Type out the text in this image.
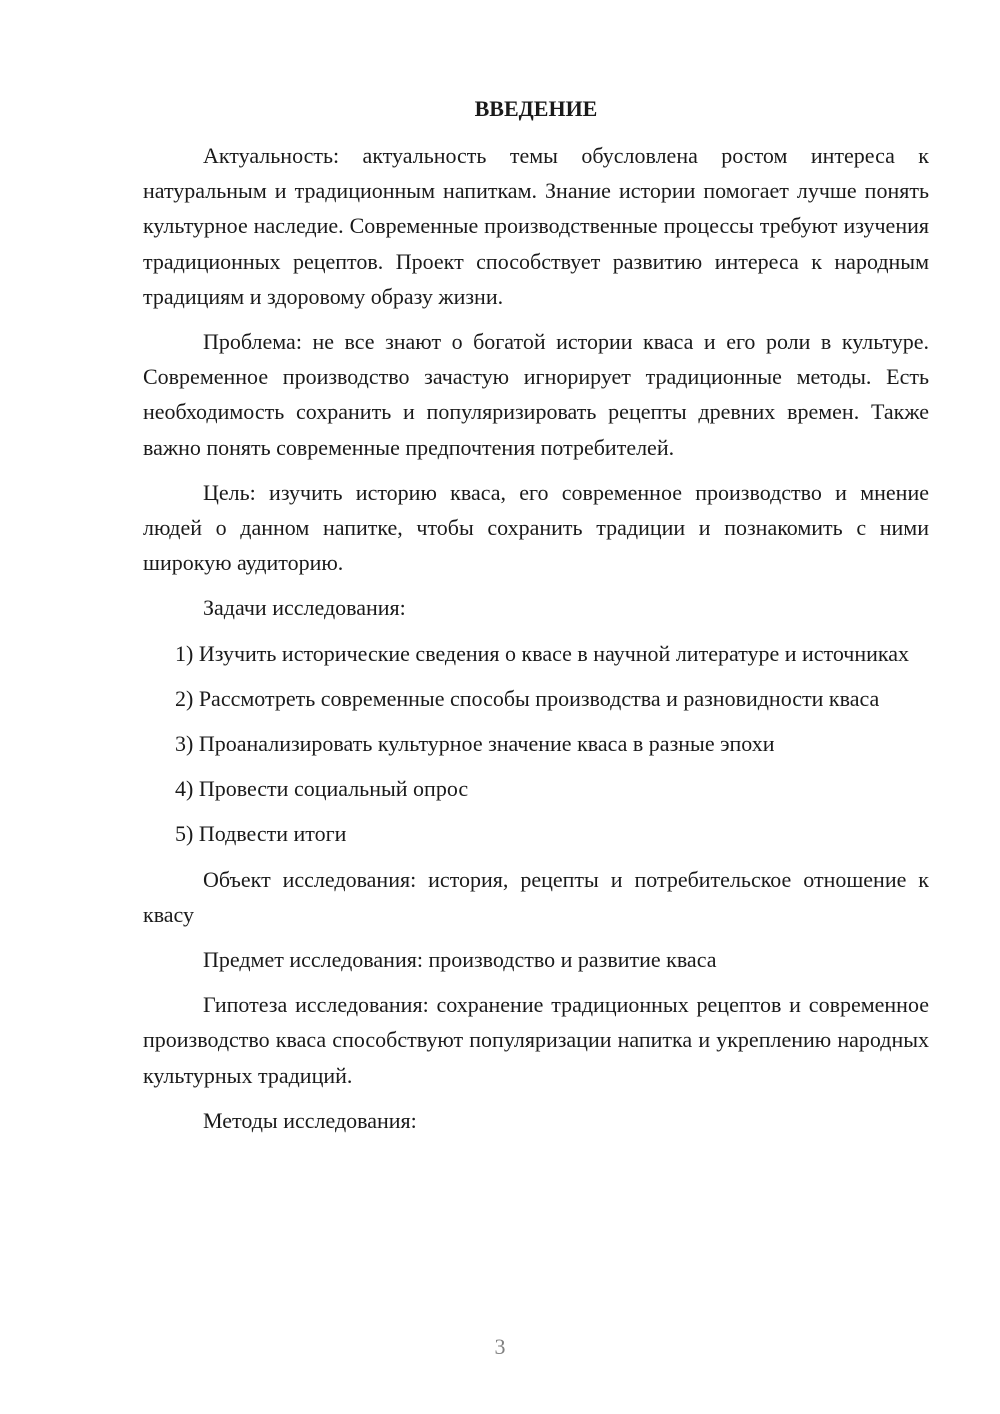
ВВЕДЕНИЕ

Актуальность: актуальность темы обусловлена ростом интереса к натуральным и традиционным напиткам. Знание истории помогает лучше понять культурное наследие. Современные производственные процессы требуют изучения традиционных рецептов. Проект способствует развитию интереса к народным традициям и здоровому образу жизни.

Проблема: не все знают о богатой истории кваса и его роли в культуре. Современное производство зачастую игнорирует традиционные методы. Есть необходимость сохранить и популяризировать рецепты древних времен. Также важно понять современные предпочтения потребителей.

Цель: изучить историю кваса, его современное производство и мнение людей о данном напитке, чтобы сохранить традиции и познакомить с ними широкую аудиторию.

Задачи исследования:

1) Изучить исторические сведения о квасе в научной литературе и источниках

2) Рассмотреть современные способы производства и разновидности кваса

3) Проанализировать культурное значение кваса в разные эпохи

4) Провести социальный опрос

5) Подвести итоги

Объект исследования: история, рецепты и потребительское отношение к квасу

Предмет исследования: производство и развитие кваса

Гипотеза исследования: сохранение традиционных рецептов и современное производство кваса способствуют популяризации напитка и укреплению народных культурных традиций.

Методы исследования:

3
